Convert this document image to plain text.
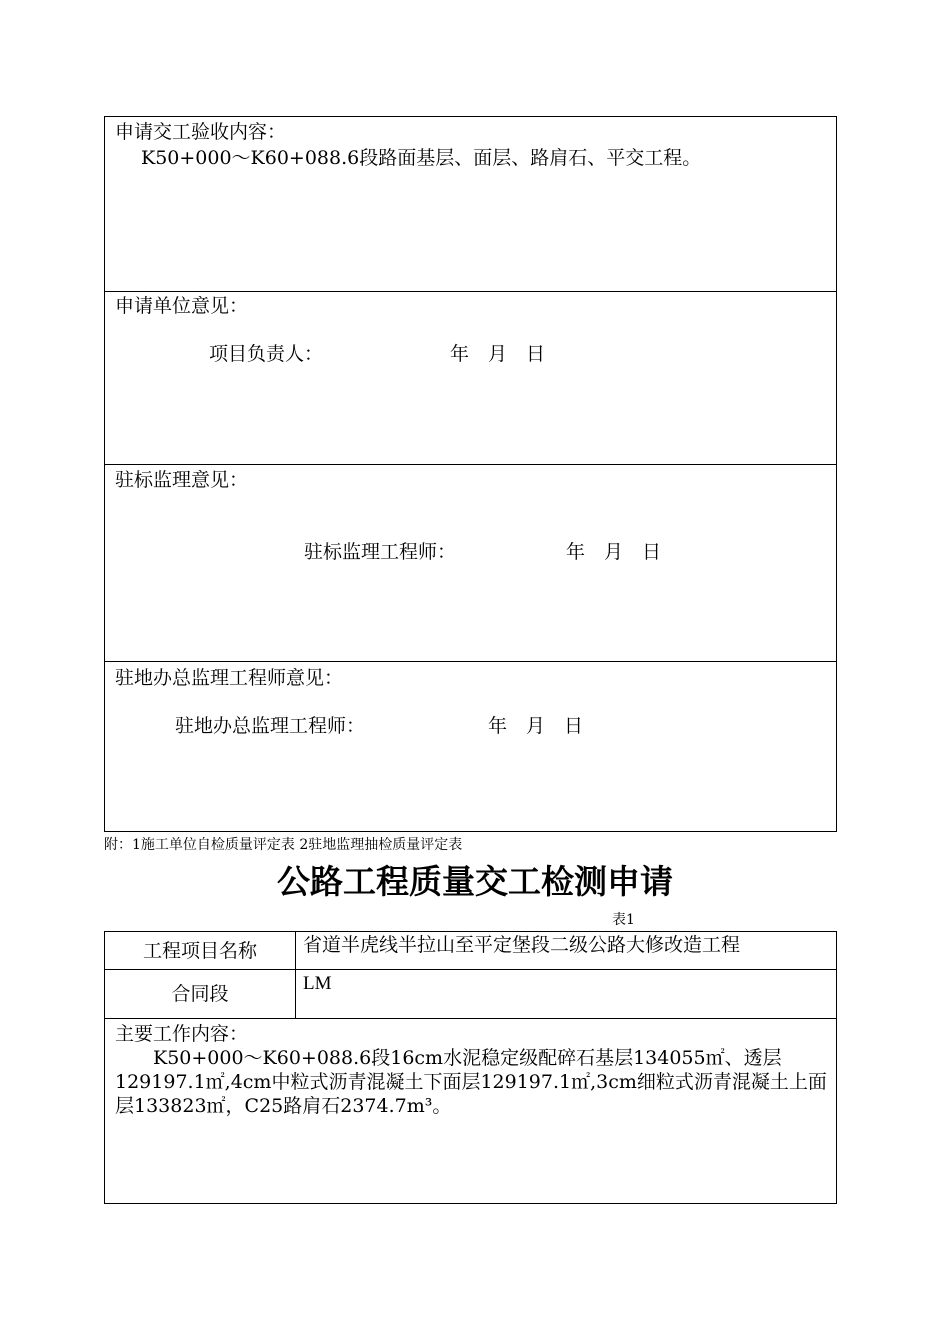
申请交工验收内容：
K50+000～K60+088.6段路面基层、面层、路肩石、平交工程。
申请单位意见：
项目负责人：	年　月　日
驻标监理意见：
驻标监理工程师：	年　月　日
驻地办总监理工程师意见：
驻地办总监理工程师：	年　月　日
附：1施工单位自检质量评定表 2驻地监理抽检质量评定表
公路工程质量交工检测申请
表1
工程项目名称	省道半虎线半拉山至平定堡段二级公路大修改造工程
合同段	LM
主要工作内容：
K50+000～K60+088.6段16cm水泥稳定级配碎石基层134055㎡、透层129197.1㎡,4cm中粒式沥青混凝土下面层129197.1㎡,3cm细粒式沥青混凝土上面层133823㎡，C25路肩石2374.7m³。
